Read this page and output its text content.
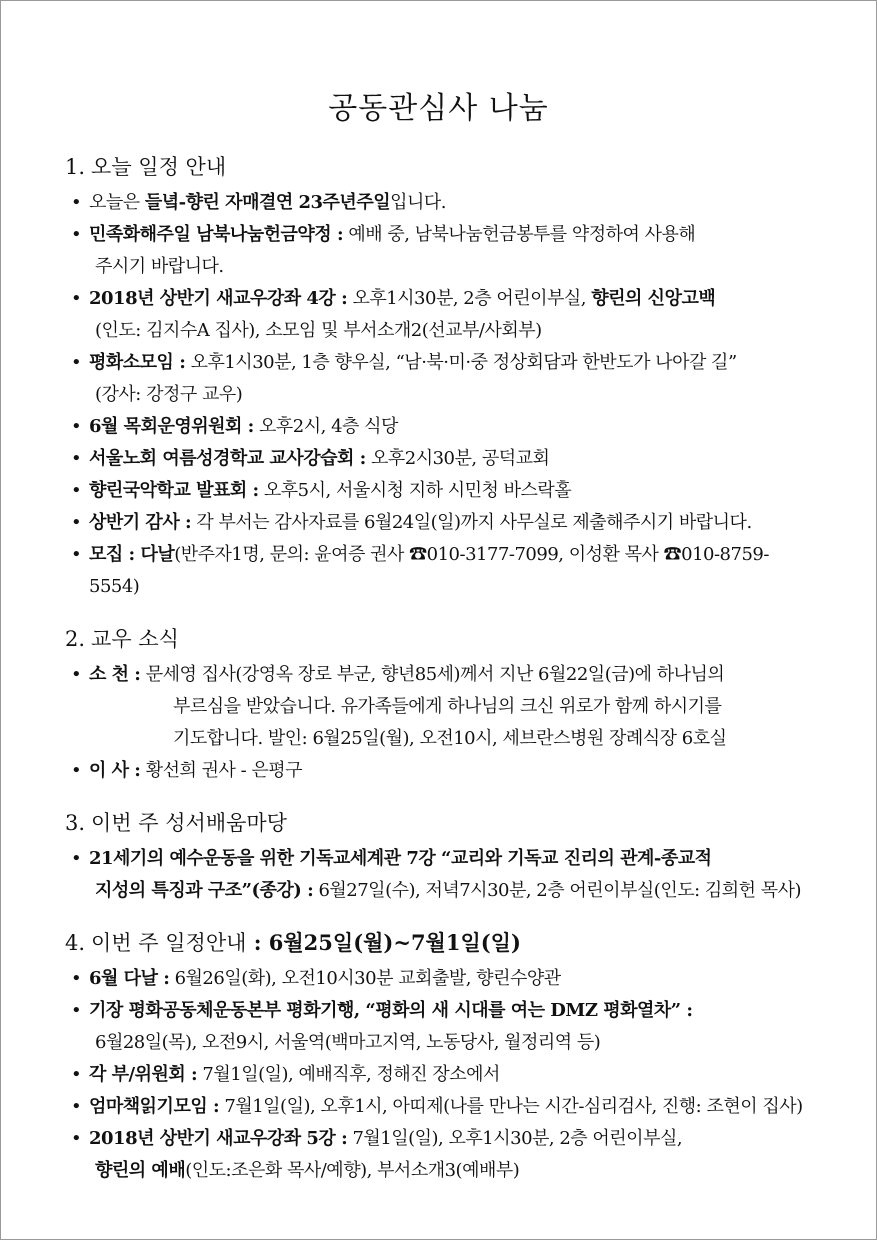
공동관심사 나눔
1. 오늘 일정 안내
• 오늘은 들녘-향린 자매결연 23주년주일입니다.
• 민족화해주일 남북나눔헌금약정 : 예배 중, 남북나눔헌금봉투를 약정하여 사용해
주시기 바랍니다.
• 2018년 상반기 새교우강좌 4강 : 오후1시30분, 2층 어린이부실, 향린의 신앙고백
(인도: 김지수A 집사), 소모임 및 부서소개2(선교부/사회부)
• 평화소모임 : 오후1시30분, 1층 향우실, “남·북·미·중 정상회담과 한반도가 나아갈 길”
(강사: 강정구 교우)
• 6월 목회운영위원회 : 오후2시, 4층 식당
• 서울노회 여름성경학교 교사강습회 : 오후2시30분, 공덕교회
• 향린국악학교 발표회 : 오후5시, 서울시청 지하 시민청 바스락홀
• 상반기 감사 : 각 부서는 감사자료를 6월24일(일)까지 사무실로 제출해주시기 바랍니다.
• 모집 : 다날(반주자1명, 문의: 윤여증 권사 ☎010-3177-7099, 이성환 목사 ☎010-8759-5554)
2. 교우 소식
• 소 천 : 문세영 집사(강영옥 장로 부군, 향년85세)께서 지난 6월22일(금)에 하나님의
부르심을 받았습니다. 유가족들에게 하나님의 크신 위로가 함께 하시기를
기도합니다. 발인: 6월25일(월), 오전10시, 세브란스병원 장례식장 6호실
• 이 사 : 황선희 권사 - 은평구
3. 이번 주 성서배움마당
• 21세기의 예수운동을 위한 기독교세계관 7강 “교리와 기독교 진리의 관계-종교적
지성의 특징과 구조”(종강) : 6월27일(수), 저녁7시30분, 2층 어린이부실(인도: 김희헌 목사)
4. 이번 주 일정안내 : 6월25일(월)~7월1일(일)
• 6월 다날 : 6월26일(화), 오전10시30분 교회출발, 향린수양관
• 기장 평화공동체운동본부 평화기행, “평화의 새 시대를 여는 DMZ 평화열차” :
6월28일(목), 오전9시, 서울역(백마고지역, 노동당사, 월정리역 등)
• 각 부/위원회 : 7월1일(일), 예배직후, 정해진 장소에서
• 엄마책읽기모임 : 7월1일(일), 오후1시, 아띠제(나를 만나는 시간-심리검사, 진행: 조현이 집사)
• 2018년 상반기 새교우강좌 5강 : 7월1일(일), 오후1시30분, 2층 어린이부실,
향린의 예배(인도:조은화 목사/예향), 부서소개3(예배부)
